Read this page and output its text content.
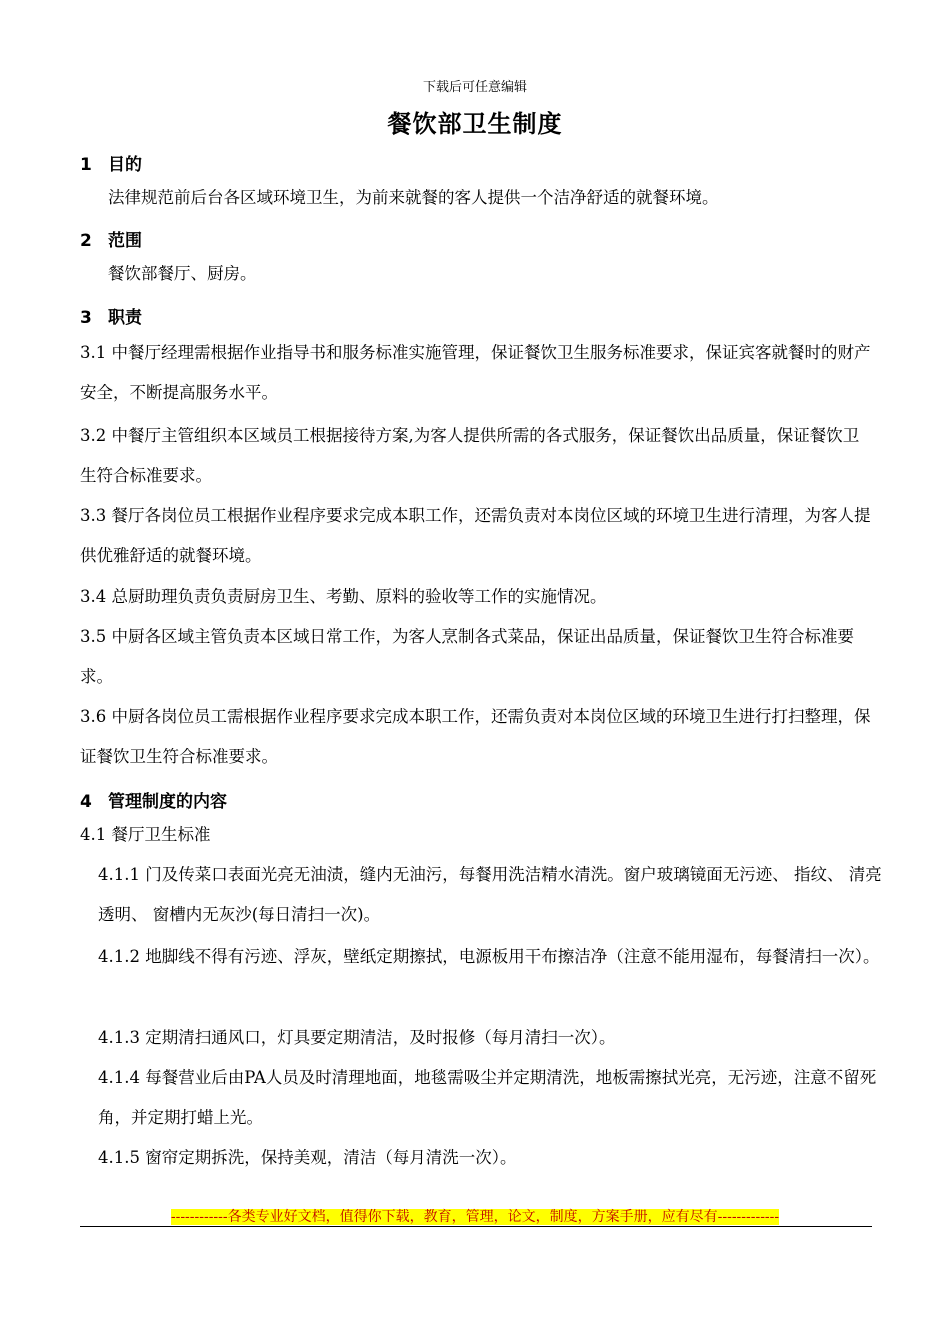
下载后可任意编辑
餐饮部卫生制度
1 目的
法律规范前后台各区域环境卫生，为前来就餐的客人提供一个洁净舒适的就餐环境。
2 范围
餐饮部餐厅、厨房。
3 职责
3.1 中餐厅经理需根据作业指导书和服务标准实施管理，保证餐饮卫生服务标准要求，保证宾客就餐时的财产安全，不断提高服务水平。
3.2 中餐厅主管组织本区域员工根据接待方案,为客人提供所需的各式服务，保证餐饮出品质量，保证餐饮卫生符合标准要求。
3.3 餐厅各岗位员工根据作业程序要求完成本职工作，还需负责对本岗位区域的环境卫生进行清理，为客人提供优雅舒适的就餐环境。
3.4 总厨助理负责负责厨房卫生、考勤、原料的验收等工作的实施情况。
3.5 中厨各区域主管负责本区域日常工作，为客人烹制各式菜品，保证出品质量，保证餐饮卫生符合标准要求。
3.6 中厨各岗位员工需根据作业程序要求完成本职工作，还需负责对本岗位区域的环境卫生进行打扫整理，保证餐饮卫生符合标准要求。
4 管理制度的内容
4.1 餐厅卫生标准
4.1.1 门及传菜口表面光亮无油渍，缝内无油污，每餐用洗洁精水清洗。窗户玻璃镜面无污迹、 指纹、 清亮透明、 窗槽内无灰沙(每日清扫一次)。
4.1.2 地脚线不得有污迹、浮灰，壁纸定期擦拭，电源板用干布擦洁净（注意不能用湿布，每餐清扫一次）。
4.1.3 定期清扫通风口，灯具要定期清洁，及时报修（每月清扫一次）。
4.1.4 每餐营业后由PA人员及时清理地面，地毯需吸尘并定期清洗，地板需擦拭光亮，无污迹，注意不留死角，并定期打蜡上光。
4.1.5 窗帘定期拆洗，保持美观，清洁（每月清洗一次）。
------------各类专业好文档，值得你下载，教育，管理，论文，制度，方案手册，应有尽有-------------
